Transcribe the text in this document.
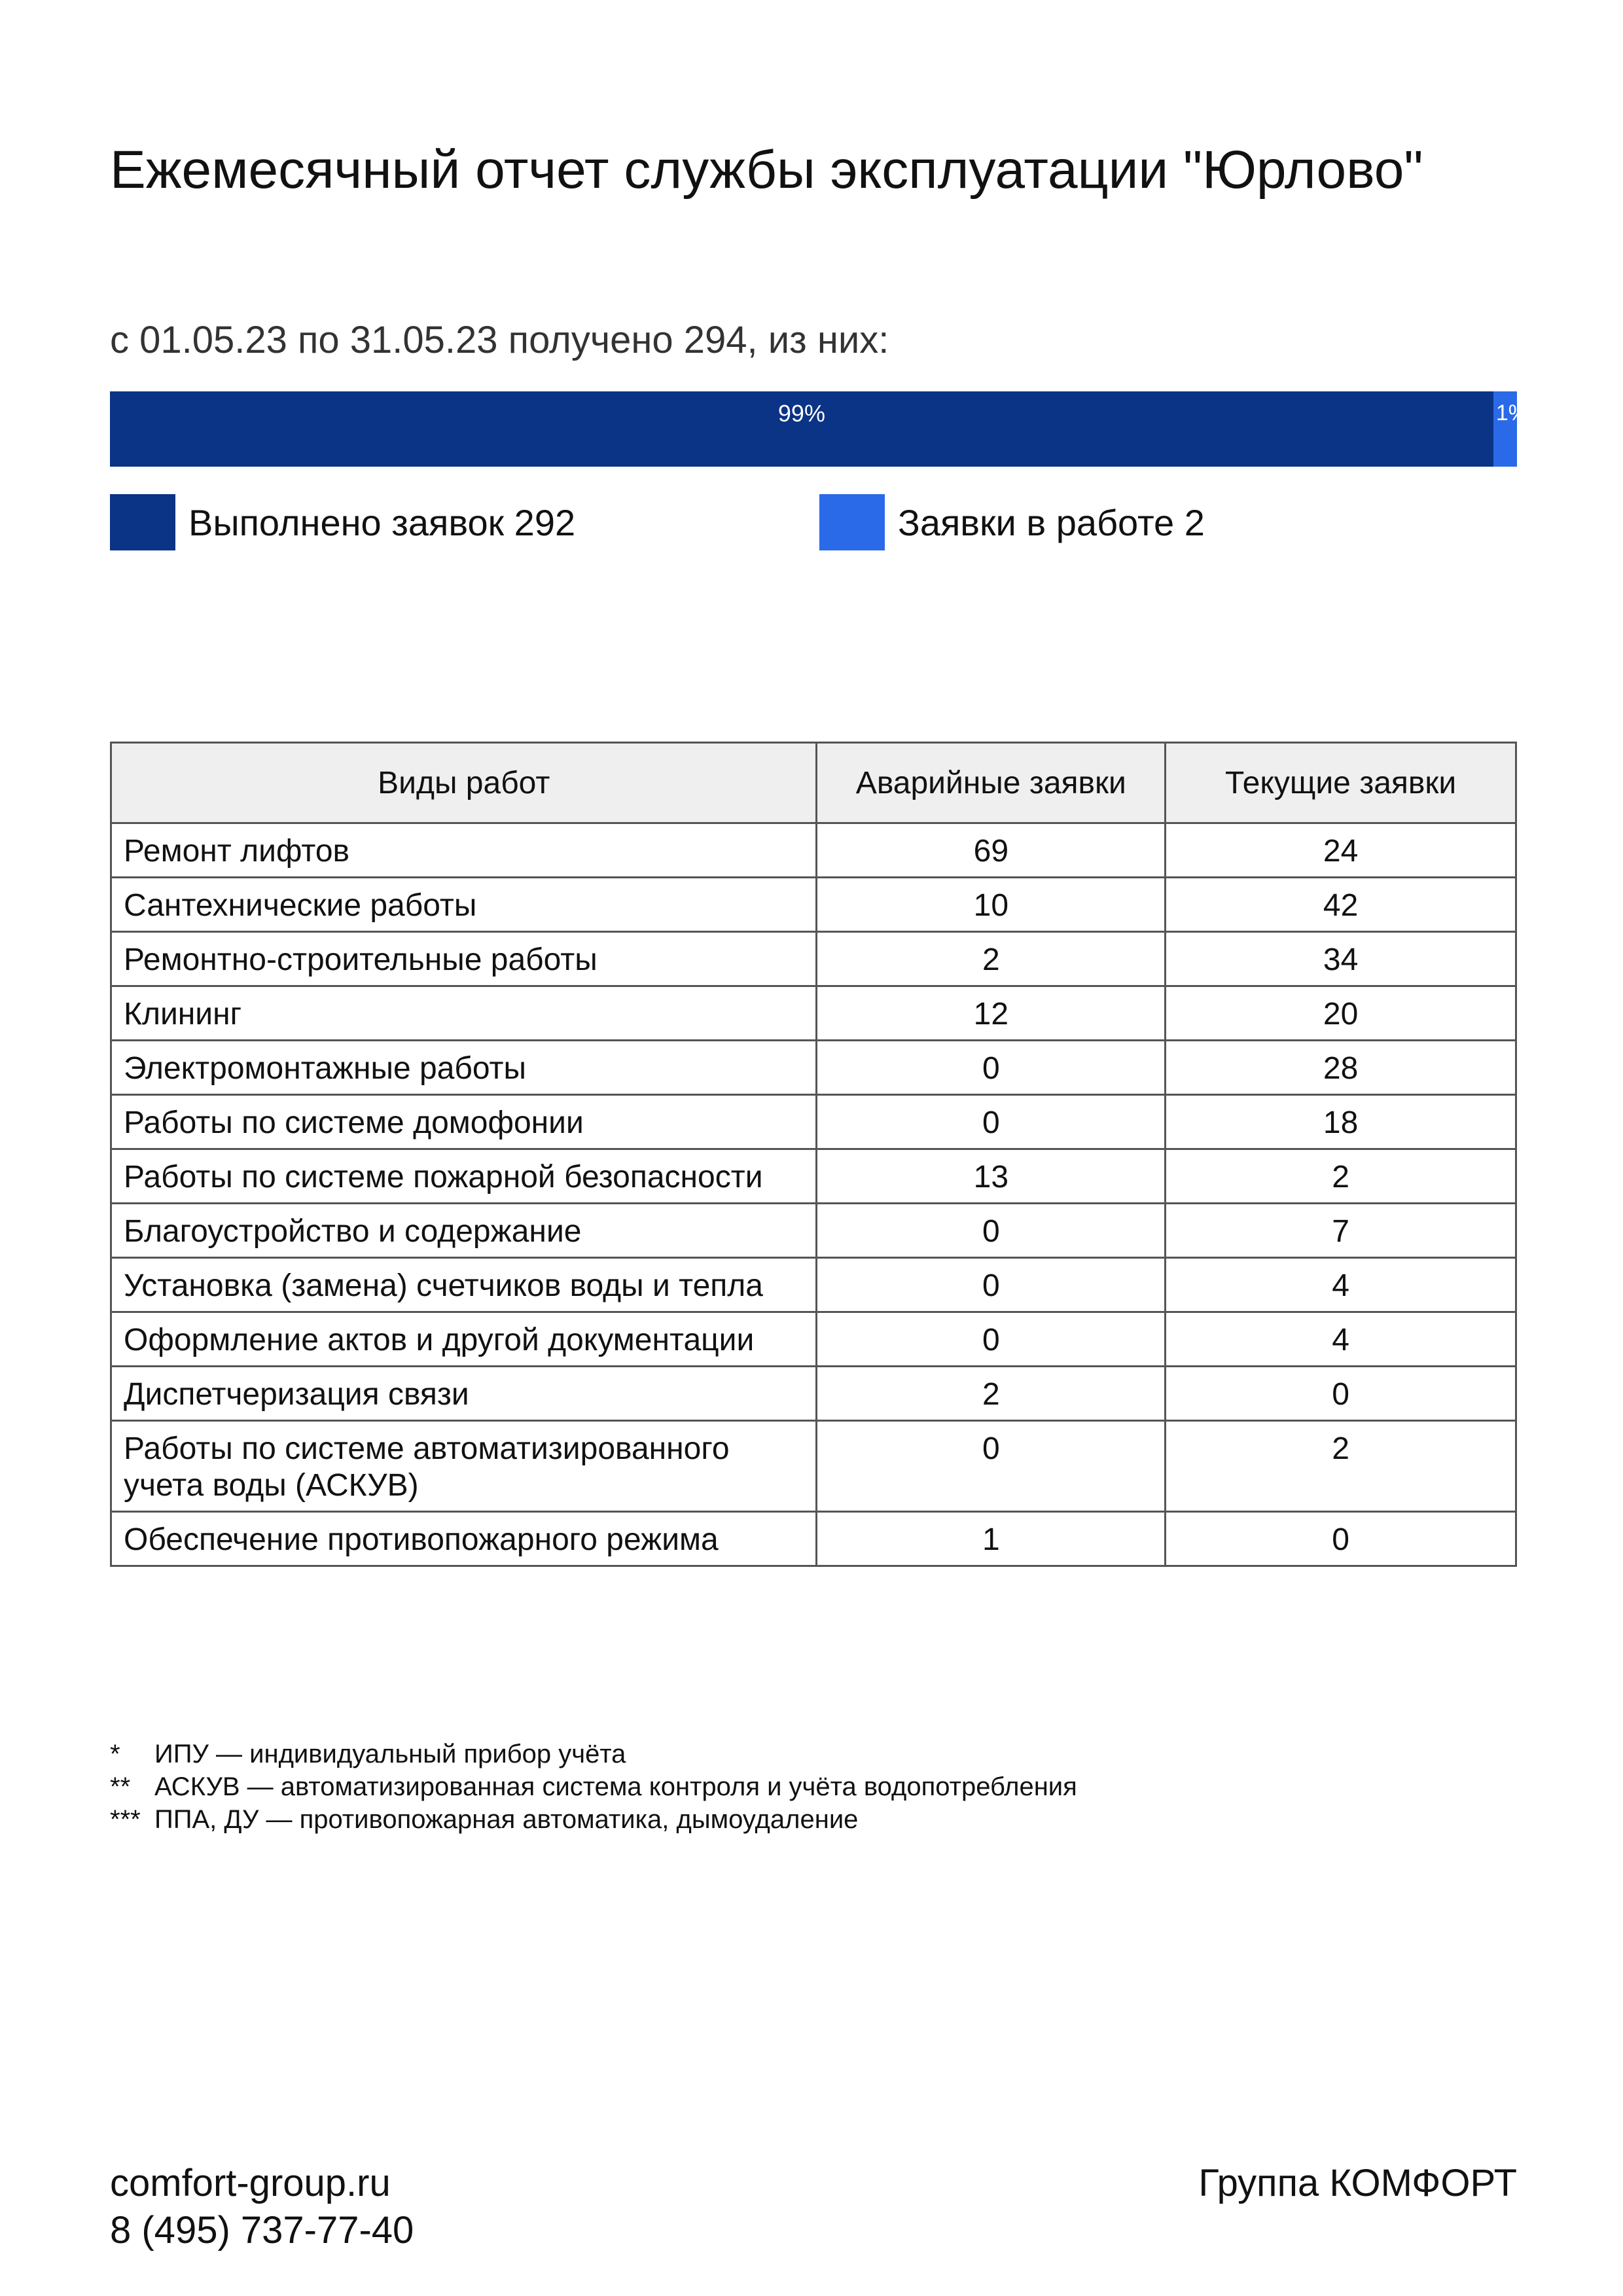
Ежемесячный отчет службы эксплуатации "Юрлово"
с 01.05.23 по 31.05.23 получено 294, из них:
99%	1%
Выполнено заявок 292	Заявки в работе 2
Виды работ	Аварийные заявки	Текущие заявки
Ремонт лифтов	69	24
Сантехнические работы	10	42
Ремонтно-строительные работы	2	34
Клининг	12	20
Электромонтажные работы	0	28
Работы по системе домофонии	0	18
Работы по системе пожарной безопасности	13	2
Благоустройство и содержание	0	7
Установка (замена) счетчиков воды и тепла	0	4
Оформление актов и другой документации	0	4
Диспетчеризация связи	2	0
Работы по системе автоматизированного учета воды (АСКУВ)	0	2
Обеспечение противопожарного режима	1	0
*	ИПУ — индивидуальный прибор учёта
** АСКУВ — автоматизированная система контроля и учёта водопотребления
*** ППА, ДУ — противопожарная автоматика, дымоудаление
comfort-group.ru
8 (495) 737-77-40
Группа КОМФОРТ
